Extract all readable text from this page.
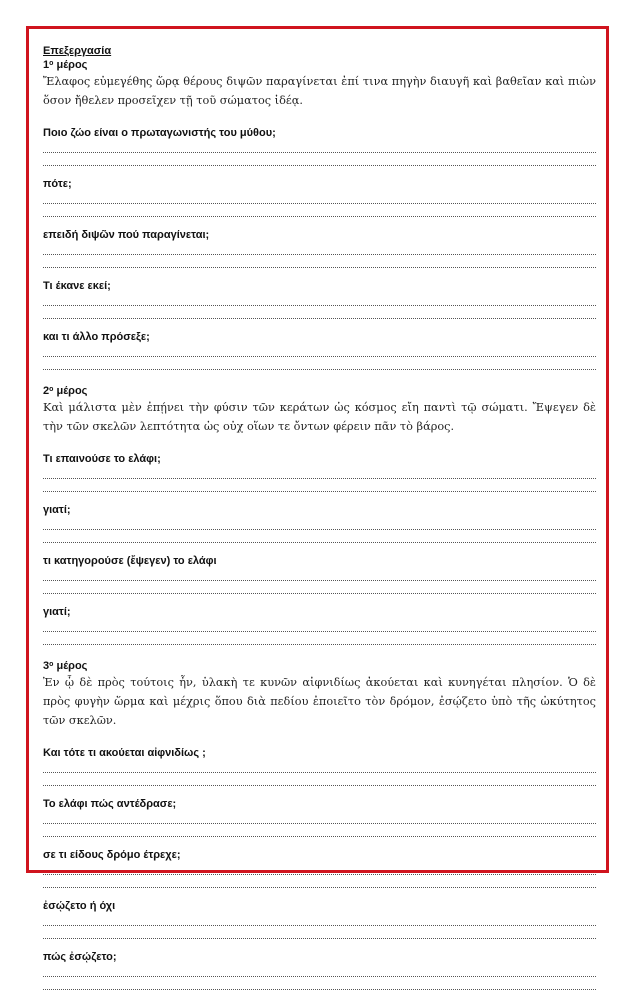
Επεξεργασία
$1^o$ μέρος
Ἔλαφος εὐμεγέθης ὥρᾳ θέρους διψῶν παραγίνεται ἐπί τινα πηγὴν διαυγῆ καὶ βαθεῖαν καὶ πιὼν ὅσον ἤθελεν προσεῖχεν τῇ τοῦ σώματος ἰδέᾳ.
Ποιο ζώο είναι ο πρωταγωνιστής του μύθου;
πότε;
επειδή διψῶν πού παραγίνεται;
Τι έκανε εκεί;
και τι άλλο πρόσεξε;
$2^o$ μέρος
Καὶ μάλιστα μὲν ἐπῄνει τὴν φύσιν τῶν κεράτων ὡς κόσμος εἴη παντὶ τῷ σώματι. Ἔψεγεν δὲ τὴν τῶν σκελῶν λεπτότητα ὡς οὐχ οἵων τε ὄντων φέρειν πᾶν τὸ βάρος.
Τι επαινούσε το ελάφι;
γιατί;
τι κατηγορούσε (ἔψεγεν) το ελάφι
γιατί;
$3^o$ μέρος
Ἐν ᾧ δὲ πρὸς τούτοις ἦν, ὑλακὴ τε κυνῶν αἰφνιδίως ἀκούεται καὶ κυνηγέται πλησίον. Ὁ δὲ πρὸς φυγὴν ὥρμα καὶ μέχρις ὅπου διὰ πεδίου ἐποιεῖτο τὸν δρόμον, ἐσῴζετο ὑπὸ τῆς ὠκύτητος τῶν σκελῶν.
Και τότε τι ακούεται αἰφνιδίως ;
Το ελάφι πώς αντέδρασε;
σε τι είδους δρόμο έτρεχε;
ἐσῴζετο ή όχι
πώς ἐσῴζετο;
